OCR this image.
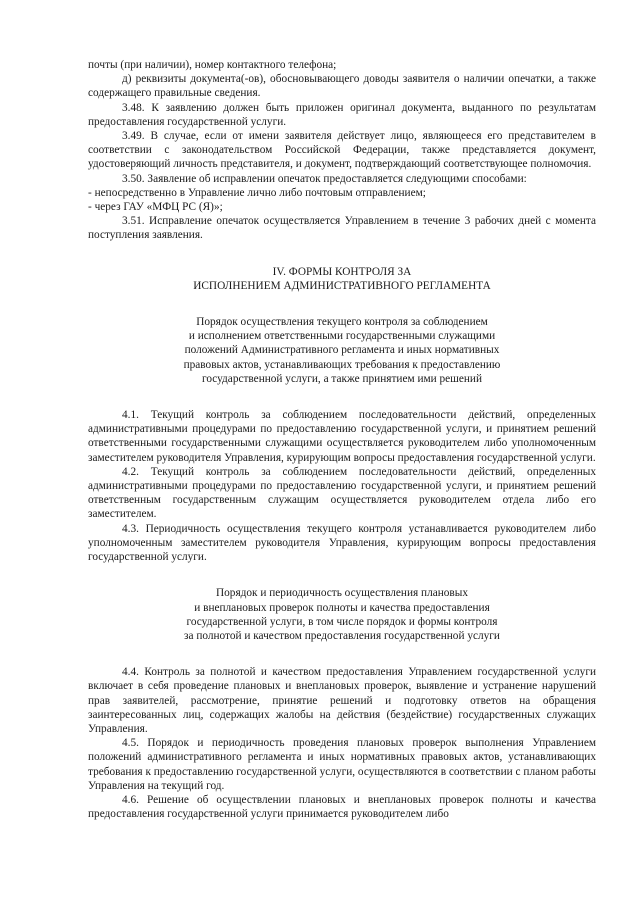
почты (при наличии), номер контактного телефона;

д) реквизиты документа(-ов), обосновывающего доводы заявителя о наличии опечатки, а также содержащего правильные сведения.

3.48. К заявлению должен быть приложен оригинал документа, выданного по результатам предоставления государственной услуги.

3.49. В случае, если от имени заявителя действует лицо, являющееся его представителем в соответствии с законодательством Российской Федерации, также представляется документ, удостоверяющий личность представителя, и документ, подтверждающий соответствующее полномочия.

3.50. Заявление об исправлении опечаток предоставляется следующими способами:

- непосредственно в Управление лично либо почтовым отправлением;

- через ГАУ «МФЦ РС (Я)»;

3.51. Исправление опечаток осуществляется Управлением в течение 3 рабочих дней с момента поступления заявления.

IV. ФОРМЫ КОНТРОЛЯ ЗА
ИСПОЛНЕНИЕМ АДМИНИСТРАТИВНОГО РЕГЛАМЕНТА
Порядок осуществления текущего контроля за соблюдением
и исполнением ответственными государственными служащими
положений Административного регламента и иных нормативных
правовых актов, устанавливающих требования к предоставлению
государственной услуги, а также принятием ими решений

4.1. Текущий контроль за соблюдением последовательности действий, определенных административными процедурами по предоставлению государственной услуги, и принятием решений ответственными государственными служащими осуществляется руководителем либо уполномоченным заместителем руководителя Управления, курирующим вопросы предоставления государственной услуги.

4.2. Текущий контроль за соблюдением последовательности действий, определенных административными процедурами по предоставлению государственной услуги, и принятием решений ответственным государственным служащим осуществляется руководителем отдела либо его заместителем.

4.3. Периодичность осуществления текущего контроля устанавливается руководителем либо уполномоченным заместителем руководителя Управления, курирующим вопросы предоставления государственной услуги.

Порядок и периодичность осуществления плановых
и внеплановых проверок полноты и качества предоставления
государственной услуги, в том числе порядок и формы контроля
за полнотой и качеством предоставления государственной услуги

4.4. Контроль за полнотой и качеством предоставления Управлением государственной услуги включает в себя проведение плановых и внеплановых проверок, выявление и устранение нарушений прав заявителей, рассмотрение, принятие решений и подготовку ответов на обращения заинтересованных лиц, содержащих жалобы на действия (бездействие) государственных служащих Управления.

4.5. Порядок и периодичность проведения плановых проверок выполнения Управлением положений административного регламента и иных нормативных правовых актов, устанавливающих требования к предоставлению государственной услуги, осуществляются в соответствии с планом работы Управления на текущий год.

4.6. Решение об осуществлении плановых и внеплановых проверок полноты и качества предоставления государственной услуги принимается руководителем либо
